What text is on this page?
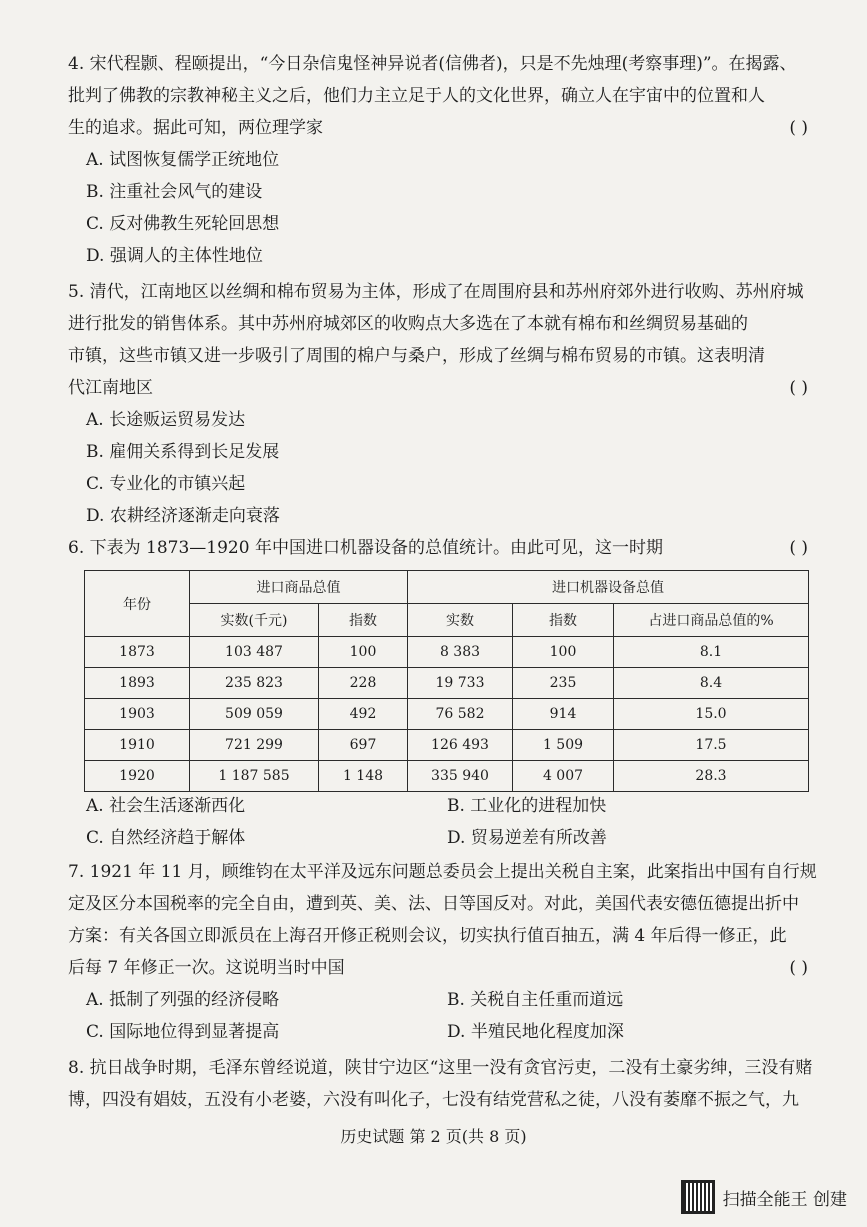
4. 宋代程颢、程颐提出，“今日杂信鬼怪神异说者(信佛者)，只是不先烛理(考察事理)”。在揭露、
批判了佛教的宗教神秘主义之后，他们力主立足于人的文化世界，确立人在宇宙中的位置和人
生的追求。据此可知，两位理学家	( )
A. 试图恢复儒学正统地位
B. 注重社会风气的建设
C. 反对佛教生死轮回思想
D. 强调人的主体性地位
5. 清代，江南地区以丝绸和棉布贸易为主体，形成了在周围府县和苏州府郊外进行收购、苏州府城
进行批发的销售体系。其中苏州府城郊区的收购点大多选在了本就有棉布和丝绸贸易基础的
市镇，这些市镇又进一步吸引了周围的棉户与桑户，形成了丝绸与棉布贸易的市镇。这表明清
代江南地区	( )
A. 长途贩运贸易发达
B. 雇佣关系得到长足发展
C. 专业化的市镇兴起
D. 农耕经济逐渐走向衰落
6. 下表为 1873—1920 年中国进口机器设备的总值统计。由此可见，这一时期	( )
年份	进口商品总值		进口机器设备总值		
	实数(千元)	指数	实数	指数	占进口商品总值的%
1873	103 487	100	8 383	100	8.1
1893	235 823	228	19 733	235	8.4
1903	509 059	492	76 582	914	15.0
1910	721 299	697	126 493	1 509	17.5
1920	1 187 585	1 148	335 940	4 007	28.3
A. 社会生活逐渐西化	B. 工业化的进程加快
C. 自然经济趋于解体	D. 贸易逆差有所改善
7. 1921 年 11 月，顾维钧在太平洋及远东问题总委员会上提出关税自主案，此案指出中国有自行规
定及区分本国税率的完全自由，遭到英、美、法、日等国反对。对此，美国代表安德伍德提出折中
方案：有关各国立即派员在上海召开修正税则会议，切实执行值百抽五，满 4 年后得一修正，此
后每 7 年修正一次。这说明当时中国	( )
A. 抵制了列强的经济侵略	B. 关税自主任重而道远
C. 国际地位得到显著提高	D. 半殖民地化程度加深
8. 抗日战争时期，毛泽东曾经说道，陕甘宁边区“这里一没有贪官污吏，二没有土豪劣绅，三没有赌
博，四没有娼妓，五没有小老婆，六没有叫化子，七没有结党营私之徒，八没有萎靡不振之气，九
历史试题 第 2 页(共 8 页)
扫描全能王 创建
